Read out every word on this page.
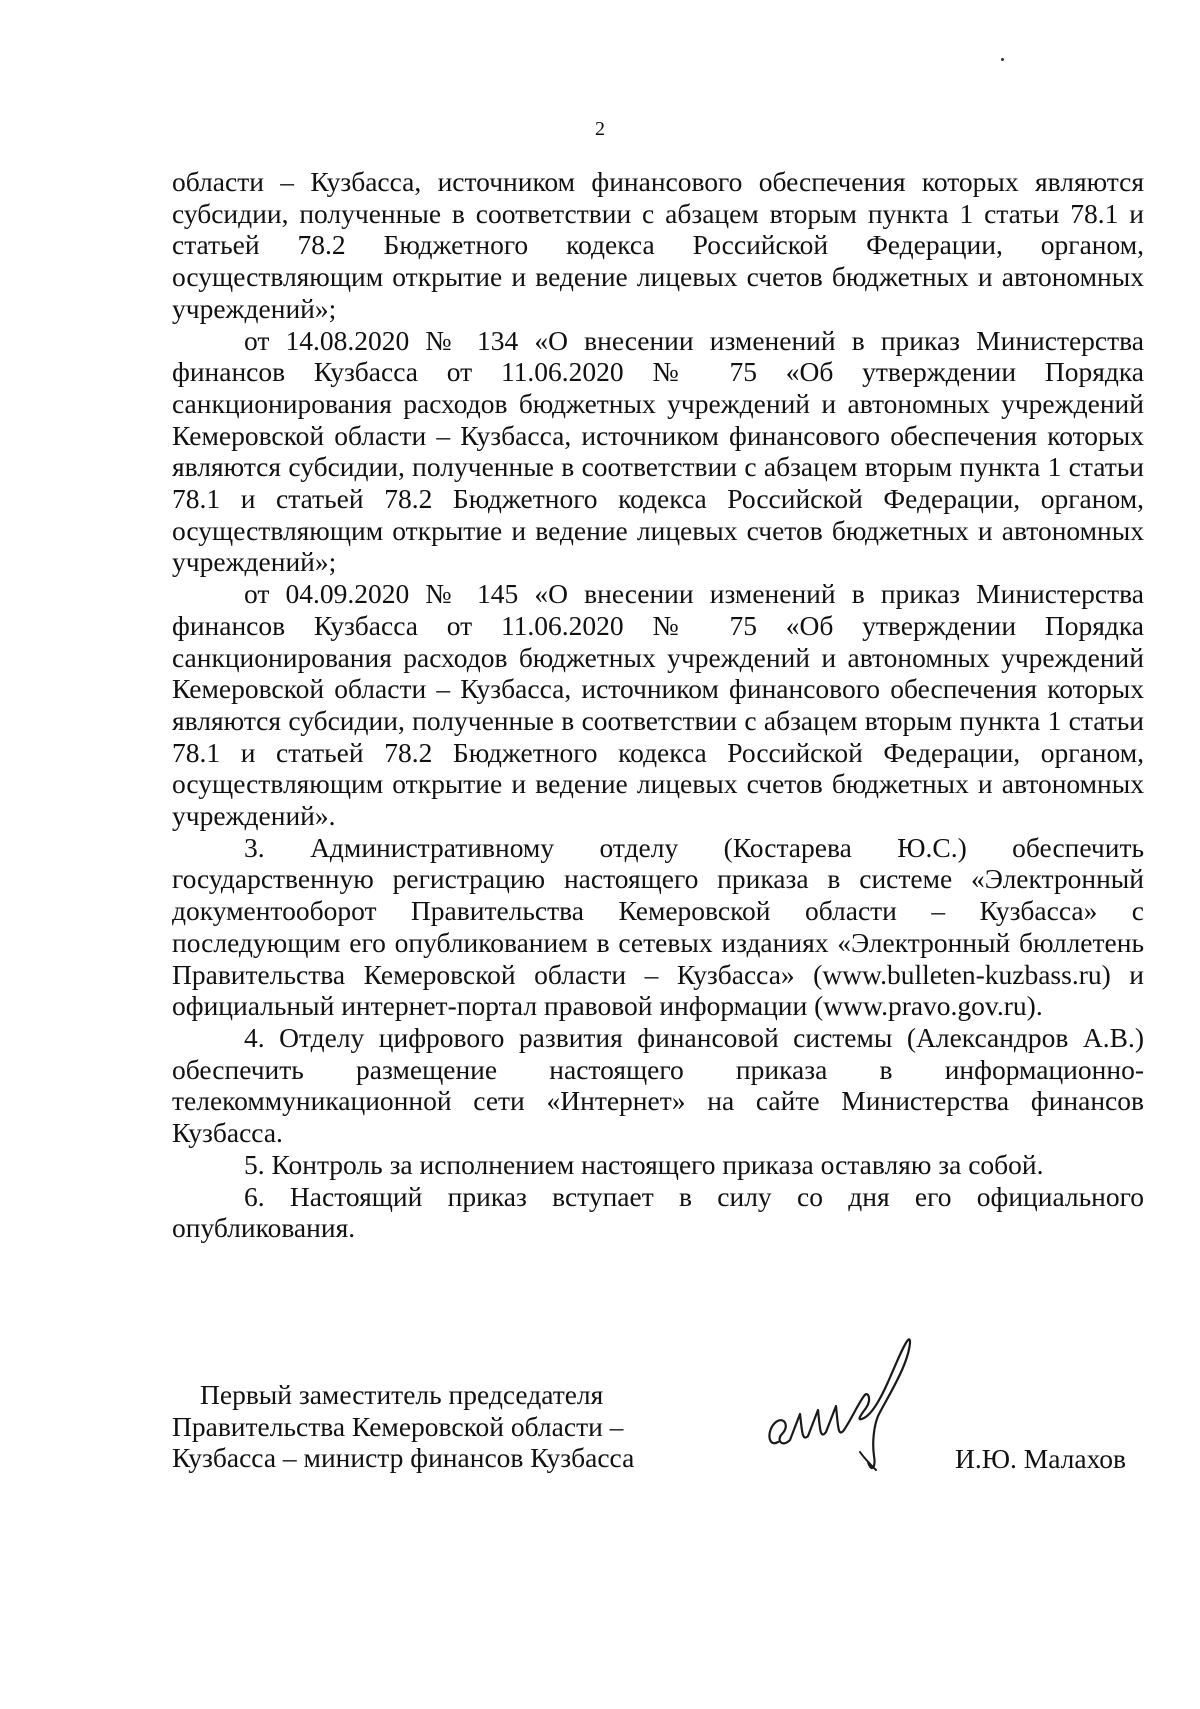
2

области – Кузбасса, источником финансового обеспечения которых являются субсидии, полученные в соответствии с абзацем вторым пункта 1 статьи 78.1 и статьей 78.2 Бюджетного кодекса Российской Федерации, органом, осуществляющим открытие и ведение лицевых счетов бюджетных и автономных учреждений»;

от 14.08.2020 № 134 «О внесении изменений в приказ Министерства финансов Кузбасса от 11.06.2020 № 75 «Об утверждении Порядка санкционирования расходов бюджетных учреждений и автономных учреждений Кемеровской области – Кузбасса, источником финансового обеспечения которых являются субсидии, полученные в соответствии с абзацем вторым пункта 1 статьи 78.1 и статьей 78.2 Бюджетного кодекса Российской Федерации, органом, осуществляющим открытие и ведение лицевых счетов бюджетных и автономных учреждений»;

от 04.09.2020 № 145 «О внесении изменений в приказ Министерства финансов Кузбасса от 11.06.2020 № 75 «Об утверждении Порядка санкционирования расходов бюджетных учреждений и автономных учреждений Кемеровской области – Кузбасса, источником финансового обеспечения которых являются субсидии, полученные в соответствии с абзацем вторым пункта 1 статьи 78.1 и статьей 78.2 Бюджетного кодекса Российской Федерации, органом, осуществляющим открытие и ведение лицевых счетов бюджетных и автономных учреждений».

3. Административному отделу (Костарева Ю.С.) обеспечить государственную регистрацию настоящего приказа в системе «Электронный документооборот Правительства Кемеровской области – Кузбасса» с последующим его опубликованием в сетевых изданиях «Электронный бюллетень Правительства Кемеровской области – Кузбасса» (www.bulleten-kuzbass.ru) и официальный интернет-портал правовой информации (www.pravo.gov.ru).

4. Отделу цифрового развития финансовой системы (Александров А.В.) обеспечить размещение настоящего приказа в информационно-телекоммуникационной сети «Интернет» на сайте Министерства финансов Кузбасса.

5. Контроль за исполнением настоящего приказа оставляю за собой.

6. Настоящий приказ вступает в силу со дня его официального опубликования.

Первый заместитель председателя
Правительства Кемеровской области –
Кузбасса – министр финансов Кузбасса	И.Ю. Малахов
